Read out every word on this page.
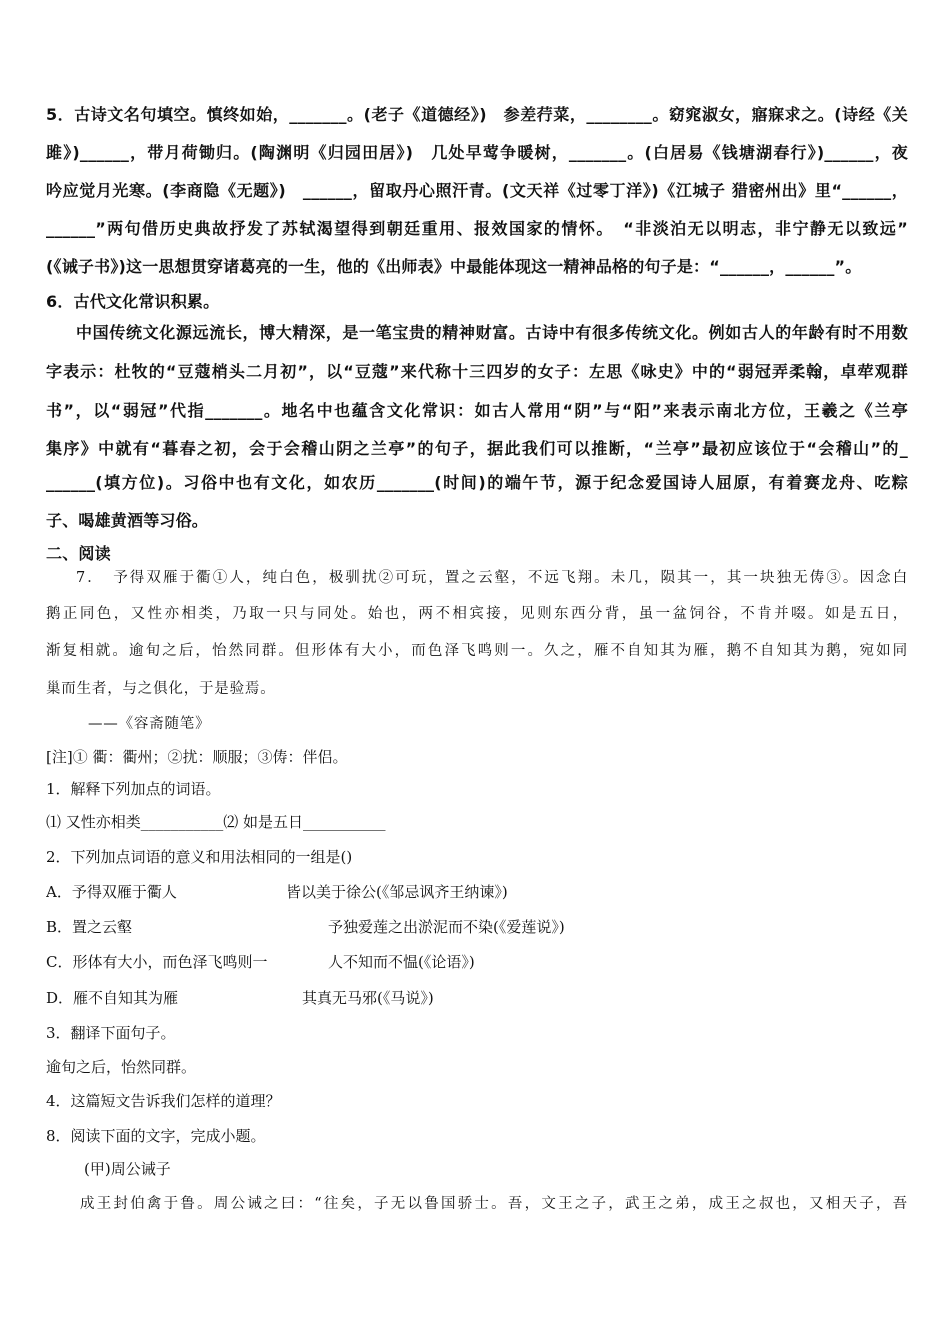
5．古诗文名句填空。慎终如始，_______。(老子《道德经》)　参差荇菜，________。窈窕淑女，寤寐求之。(诗经《关
雎》)______，带月荷锄归。(陶渊明《归园田居》)　几处早莺争暖树，_______。(白居易《钱塘湖春行》)______，夜
吟应觉月光寒。(李商隐《无题》)　______，留取丹心照汗青。(文天祥《过零丁洋》)《江城子 猎密州出》里“______，
______”两句借历史典故抒发了苏轼渴望得到朝廷重用、报效国家的情怀。　“非淡泊无以明志，非宁静无以致远”
(《诫子书》)这一思想贯穿诸葛亮的一生，他的《出师表》中最能体现这一精神品格的句子是：“______，______”。
6．古代文化常识积累。
中国传统文化源远流长，博大精深，是一笔宝贵的精神财富。古诗中有很多传统文化。例如古人的年龄有时不用数
字表示：杜牧的“豆蔻梢头二月初”，以“豆蔻”来代称十三四岁的女子：左思《咏史》中的“弱冠弄柔翰，卓荦观群
书”，以“弱冠”代指_______。地名中也蕴含文化常识：如古人常用“阴”与“阳”来表示南北方位，王羲之《兰亭
集序》中就有“暮春之初，会于会稽山阴之兰亭”的句子，据此我们可以推断，“兰亭”最初应该位于“会稽山”的_
______(填方位)。习俗中也有文化，如农历_______(时间)的端午节，源于纪念爱国诗人屈原，有着赛龙舟、吃粽
子、喝雄黄酒等习俗。
二、阅读
7．　予得双雁于衢①人，纯白色，极驯扰②可玩，置之云壑，不远飞翔。未几，陨其一，其一块独无俦③。因念白
鹅正同色，又性亦相类，乃取一只与同处。始也，两不相宾接，见则东西分背，虽一盆饲谷，不肯并啜。如是五日，
渐复相就。逾旬之后，怡然同群。但形体有大小，而色泽飞鸣则一。久之，雁不自知其为雁，鹅不自知其为鹅，宛如同
巢而生者，与之俱化，于是验焉。
——《容斋随笔》
[注]① 衢：衢州；②扰：顺服；③俦：伴侣。
1．解释下列加点的词语。
⑴ 又性亦相类___________⑵ 如是五日___________
2．下列加点词语的意义和用法相同的一组是()
A．予得双雁于衢人	皆以美于徐公(《邹忌讽齐王纳谏》)
B．置之云壑	予独爱莲之出淤泥而不染(《爱莲说》)
C．形体有大小，而色泽飞鸣则一	人不知而不愠(《论语》)
D．雁不自知其为雁	其真无马邪(《马说》)
3．翻译下面句子。
逾旬之后，怡然同群。
4．这篇短文告诉我们怎样的道理？
8．阅读下面的文字，完成小题。
(甲)周公诫子
成王封伯禽于鲁。周公诫之曰：“往矣，子无以鲁国骄士。吾，文王之子，武王之弟，成王之叔也，又相天子，吾
